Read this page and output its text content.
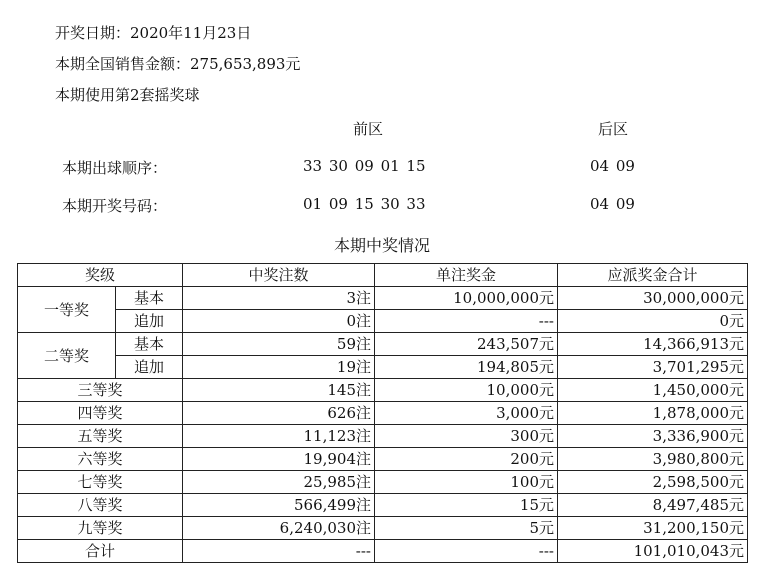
开奖日期：2020年11月23日
本期全国销售金额：275,653,893元
本期使用第2套摇奖球
前区	后区
本期出球顺序：	33 30 09 01 15	04 09
本期开奖号码：	01 09 15 30 33	04 09
本期中奖情况
奖级		中奖注数	单注奖金	应派奖金合计
一等奖	基本	3注	10,000,000元	30,000,000元
	追加	0注	---	0元
二等奖	基本	59注	243,507元	14,366,913元
	追加	19注	194,805元	3,701,295元
三等奖		145注	10,000元	1,450,000元
四等奖		626注	3,000元	1,878,000元
五等奖		11,123注	300元	3,336,900元
六等奖		19,904注	200元	3,980,800元
七等奖		25,985注	100元	2,598,500元
八等奖		566,499注	15元	8,497,485元
九等奖		6,240,030注	5元	31,200,150元
合计		---	---	101,010,043元
